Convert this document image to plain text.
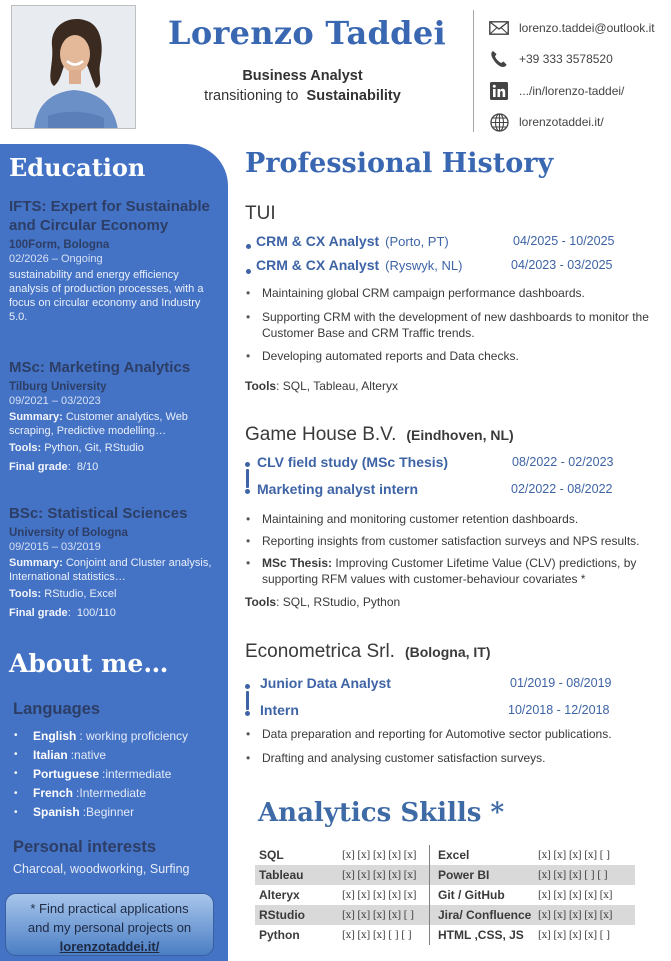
Lorenzo Taddei
Business Analyst
transitioning to Sustainability
lorenzo.taddei@outlook.it
+39 333 3578520
.../in/lorenzo-taddei/
lorenzotaddei.it/
Education
IFTS: Expert for Sustainable and Circular Economy
100Form, Bologna
02/2026 – Ongoing
sustainability and energy efficiency analysis of production processes, with a focus on circular economy and Industry 5.0.
MSc: Marketing Analytics
Tilburg University
09/2021 – 03/2023
Summary: Customer analytics, Web scraping, Predictive modelling…
Tools: Python, Git, RStudio
Final grade:  8/10
BSc: Statistical Sciences
University of Bologna
09/2015 – 03/2019
Summary: Conjoint and Cluster analysis, International statistics…
Tools: RStudio, Excel
Final grade:  100/110
About me…
Languages
Personal interests
•	English : working proficiency
•	Italian : native
•	Portuguese : intermediate
•	French : Intermediate
•	Spanish : Beginner
Charcoal, woodworking, Surfing
* Find practical applications
and my personal projects on
lorenzotaddei.it/
Professional History
TUI
CRM & CX Analyst (Porto, PT)	04/2025 - 10/2025
CRM & CX Analyst (Ryswyk, NL)	04/2023 - 03/2025
• Maintaining global CRM campaign performance dashboards.
• Supporting CRM with the development of new dashboards to monitor the Customer Base and CRM Traffic trends.
• Developing automated reports and Data checks.
Tools: SQL, Tableau, Alteryx
Game House B.V. (Eindhoven, NL)
CLV field study (MSc Thesis)	08/2022 - 02/2023
Marketing analyst intern	02/2022 - 08/2022
• Maintaining and monitoring customer retention dashboards.
• Reporting insights from customer satisfaction surveys and NPS results.
• MSc Thesis: Improving Customer Lifetime Value (CLV) predictions, by supporting RFM values with customer-behaviour covariates *
Tools: SQL, RStudio, Python
Econometrica Srl. (Bologna, IT)
Junior Data Analyst	01/2019 - 08/2019
Intern	10/2018 - 12/2018
• Data preparation and reporting for Automotive sector publications.
• Drafting and analysing customer satisfaction surveys.
Analytics Skills *
SQL	[x] [x] [x] [x] [x] Excel	[x] [x] [x] [x] [ ]
Tableau	[x] [x] [x] [x] [x] Power BI	[x] [x] [x] [ ] [ ]
Alteryx	[x] [x] [x] [x] [x] Git / GitHub	[x] [x] [x] [x] [x]
RStudio	[x] [x] [x] [x] [ ] Jira/ Confluence [x] [x] [x] [x] [x]
Python	[x] [x] [x] [ ] [ ] HTML ,CSS, JS	[x] [x] [x] [x] [ ]
